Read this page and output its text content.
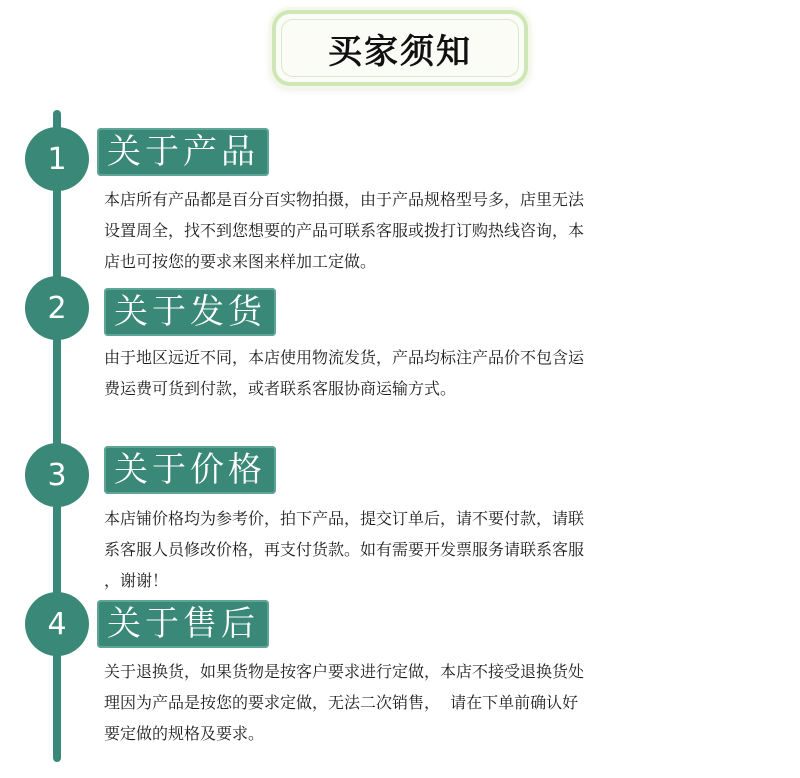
买家须知
1	关于产品
本店所有产品都是百分百实物拍摄，由于产品规格型号多，店里无法
设置周全，找不到您想要的产品可联系客服或拨打订购热线咨询，本
店也可按您的要求来图来样加工定做。
2	关于发货
由于地区远近不同，本店使用物流发货，产品均标注产品价不包含运
费运费可货到付款，或者联系客服协商运输方式。
3	关于价格
本店铺价格均为参考价，拍下产品，提交订单后，请不要付款，请联
系客服人员修改价格，再支付货款。如有需要开发票服务请联系客服
，谢谢！
4	关于售后
关于退换货，如果货物是按客户要求进行定做，本店不接受退换货处
理因为产品是按您的要求定做，无法二次销售，  请在下单前确认好
要定做的规格及要求。
